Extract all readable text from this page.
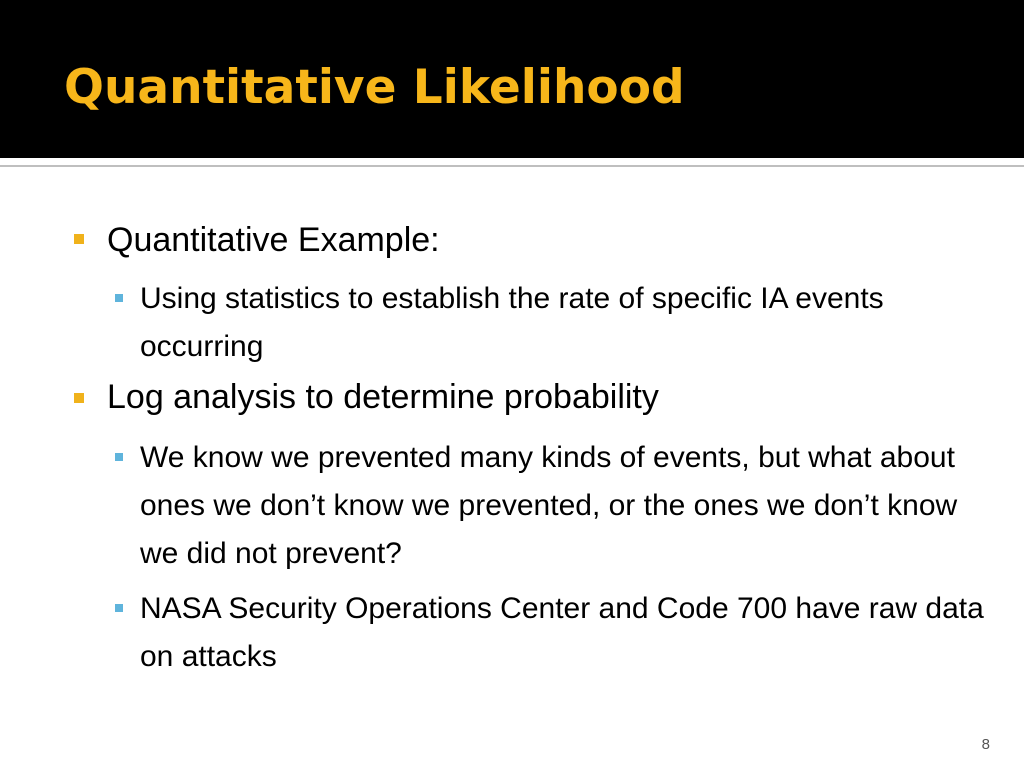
Quantitative Likelihood
Quantitative Example:
Using statistics to establish the rate of specific IA events occurring
Log analysis to determine probability
We know we prevented many kinds of events, but what about ones we don’t know we prevented, or the ones we don’t know we did not prevent?
NASA Security Operations Center and Code 700 have raw data on attacks
8
